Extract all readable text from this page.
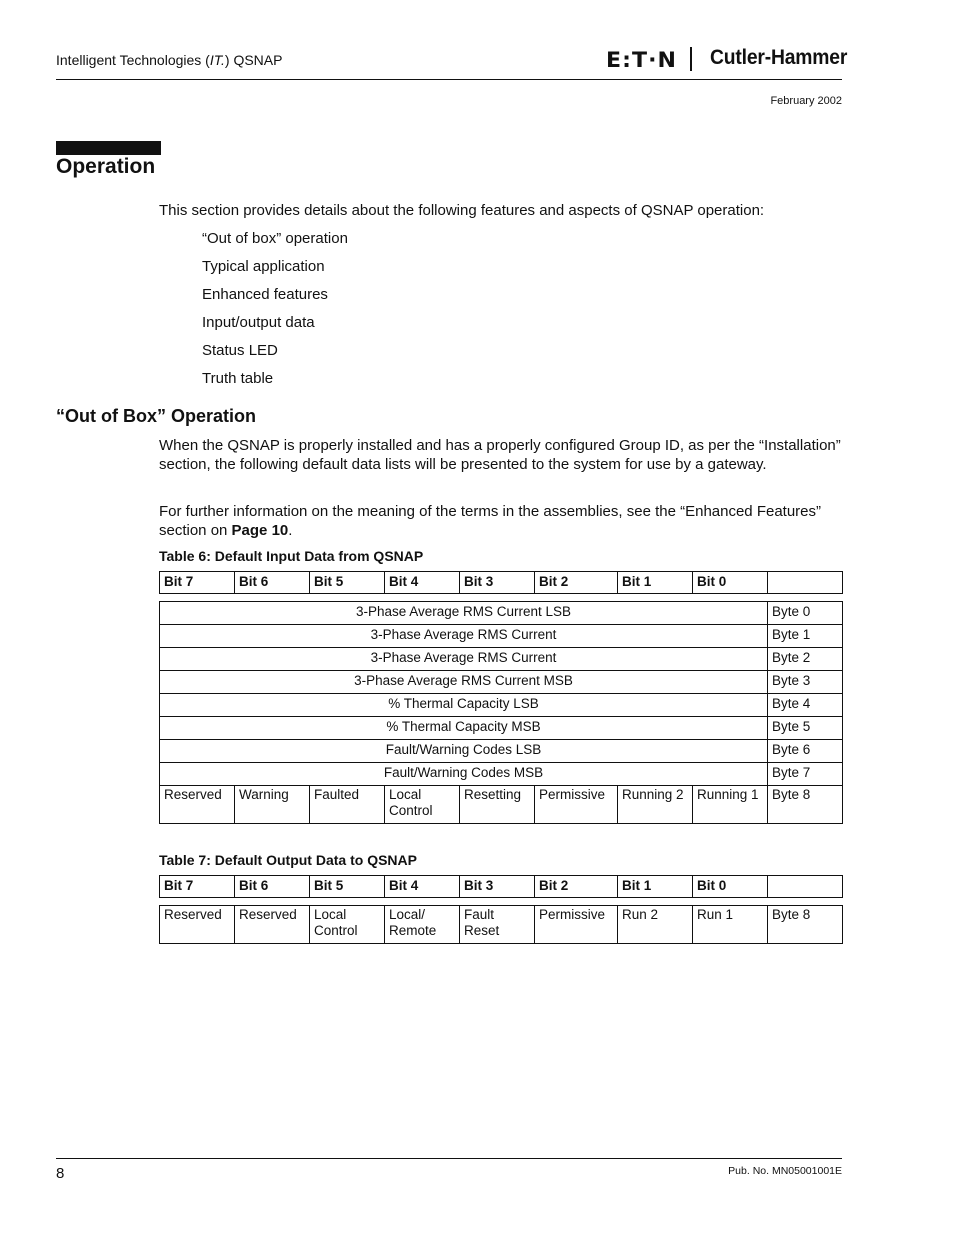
Intelligent Technologies (IT.) QSNAP	E:T·N Cutler-Hammer
February 2002
Operation
This section provides details about the following features and aspects of QSNAP operation:
“Out of box” operation
Typical application
Enhanced features
Input/output data
Status LED
Truth table
“Out of Box” Operation
When the QSNAP is properly installed and has a properly configured Group ID, as per the “Installation” section, the following default data lists will be presented to the system for use by a gateway.
For further information on the meaning of the terms in the assemblies, see the “Enhanced Features” section on Page 10.
Table 6: Default Input Data from QSNAP
Bit 7	Bit 6	Bit 5	Bit 4	Bit 3	Bit 2	Bit 1	Bit 0	
3-Phase Average RMS Current LSB								Byte 0
3-Phase Average RMS Current								Byte 1
3-Phase Average RMS Current								Byte 2
3-Phase Average RMS Current MSB								Byte 3
% Thermal Capacity LSB								Byte 4
% Thermal Capacity MSB								Byte 5
Fault/Warning Codes LSB								Byte 6
Fault/Warning Codes MSB								Byte 7
Reserved	Warning	Faulted	Local Control	Resetting	Permissive	Running 2	Running 1	Byte 8
Table 7: Default Output Data to QSNAP
Bit 7	Bit 6	Bit 5	Bit 4	Bit 3	Bit 2	Bit 1	Bit 0	
Reserved	Reserved	Local Control	Local/ Remote	Fault Reset	Permissive	Run 2	Run 1	Byte 8
8	Pub. No. MN05001001E
